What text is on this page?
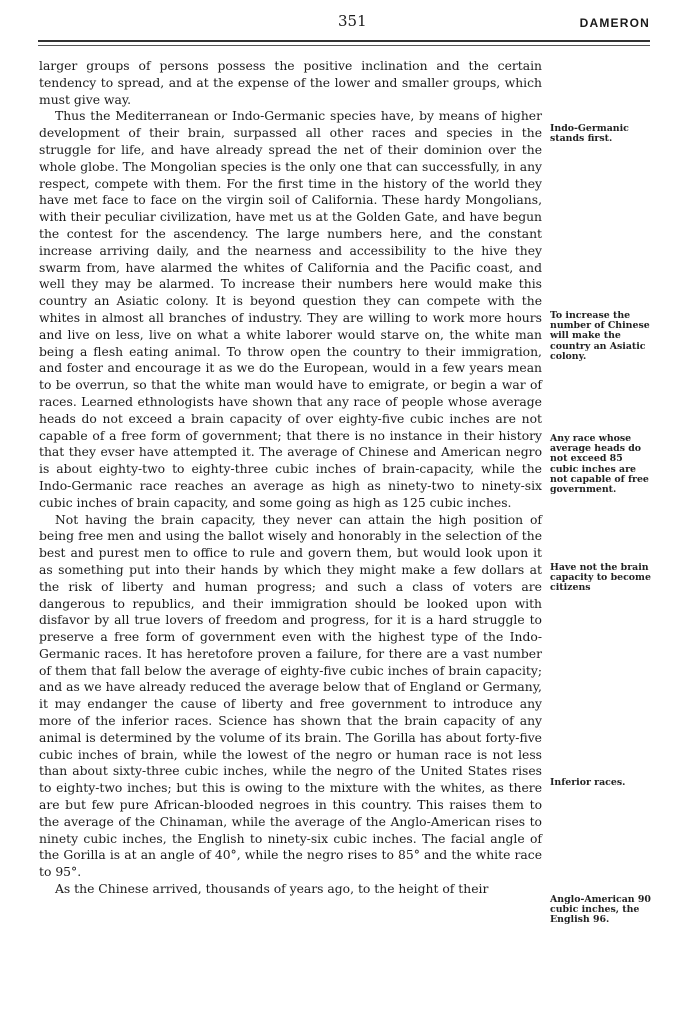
351	DAMERON

larger groups of persons possess the positive inclination and the certain tendency to spread, and at the expense of the lower and smaller groups, which must give way.

Thus the Mediterranean or Indo-Germanic species have, by means of higher development of their brain, surpassed all other races and species in the struggle for life, and have already spread the net of their dominion over the whole globe. The Mongolian species is the only one that can successfully, in any respect, compete with them. For the first time in the history of the world they have met face to face on the virgin soil of California. These hardy Mongolians, with their peculiar civilization, have met us at the Golden Gate, and have begun the contest for the ascendency. The large numbers here, and the constant increase arriving daily, and the nearness and accessibility to the hive they swarm from, have alarmed the whites of California and the Pacific coast, and well they may be alarmed. To increase their numbers here would make this country an Asiatic colony. It is beyond question they can compete with the whites in almost all branches of industry. They are willing to work more hours and live on less, live on what a white laborer would starve on, the white man being a flesh eating animal. To throw open the country to their immigration, and foster and encourage it as we do the European, would in a few years mean to be overrun, so that the white man would have to emigrate, or begin a war of races. Learned ethnologists have shown that any race of people whose average heads do not exceed a brain capacity of over eighty-five cubic inches are not capable of a free form of government; that there is no instance in their history that they evser have attempted it. The average of Chinese and American negro is about eighty-two to eighty-three cubic inches of brain-capacity, while the Indo-Germanic race reaches an average as high as ninety-two to ninety-six cubic inches of brain capacity, and some going as high as 125 cubic inches.

Not having the brain capacity, they never can attain the high position of being free men and using the ballot wisely and honorably in the selection of the best and purest men to office to rule and govern them, but would look upon it as something put into their hands by which they might make a few dollars at the risk of liberty and human progress; and such a class of voters are dangerous to republics, and their immigration should be looked upon with disfavor by all true lovers of freedom and progress, for it is a hard struggle to preserve a free form of government even with the highest type of the Indo-Germanic races. It has heretofore proven a failure, for there are a vast number of them that fall below the average of eighty-five cubic inches of brain capacity; and as we have already reduced the average below that of England or Germany, it may endanger the cause of liberty and free government to introduce any more of the inferior races. Science has shown that the brain capacity of any animal is determined by the volume of its brain. The Gorilla has about forty-five cubic inches of brain, while the lowest of the negro or human race is not less than about sixty-three cubic inches, while the negro of the United States rises to eighty-two inches; but this is owing to the mixture with the whites, as there are but few pure African-blooded negroes in this country. This raises them to the average of the Chinaman, while the average of the Anglo-American rises to ninety cubic inches, the English to ninety-six cubic inches. The facial angle of the Gorilla is at an angle of 40°, while the negro rises to 85° and the white race to 95°.

As the Chinese arrived, thousands of years ago, to the height of their

Indo-Germanic stands first.
To increase the number of Chinese will make the country an Asiatic colony.
Any race whose average heads do not exceed 85 cubic inches are not capable of free government.
Have not the brain capacity to become citizens
Inferior races.
Anglo-American 90 cubic inches, the English 96.
